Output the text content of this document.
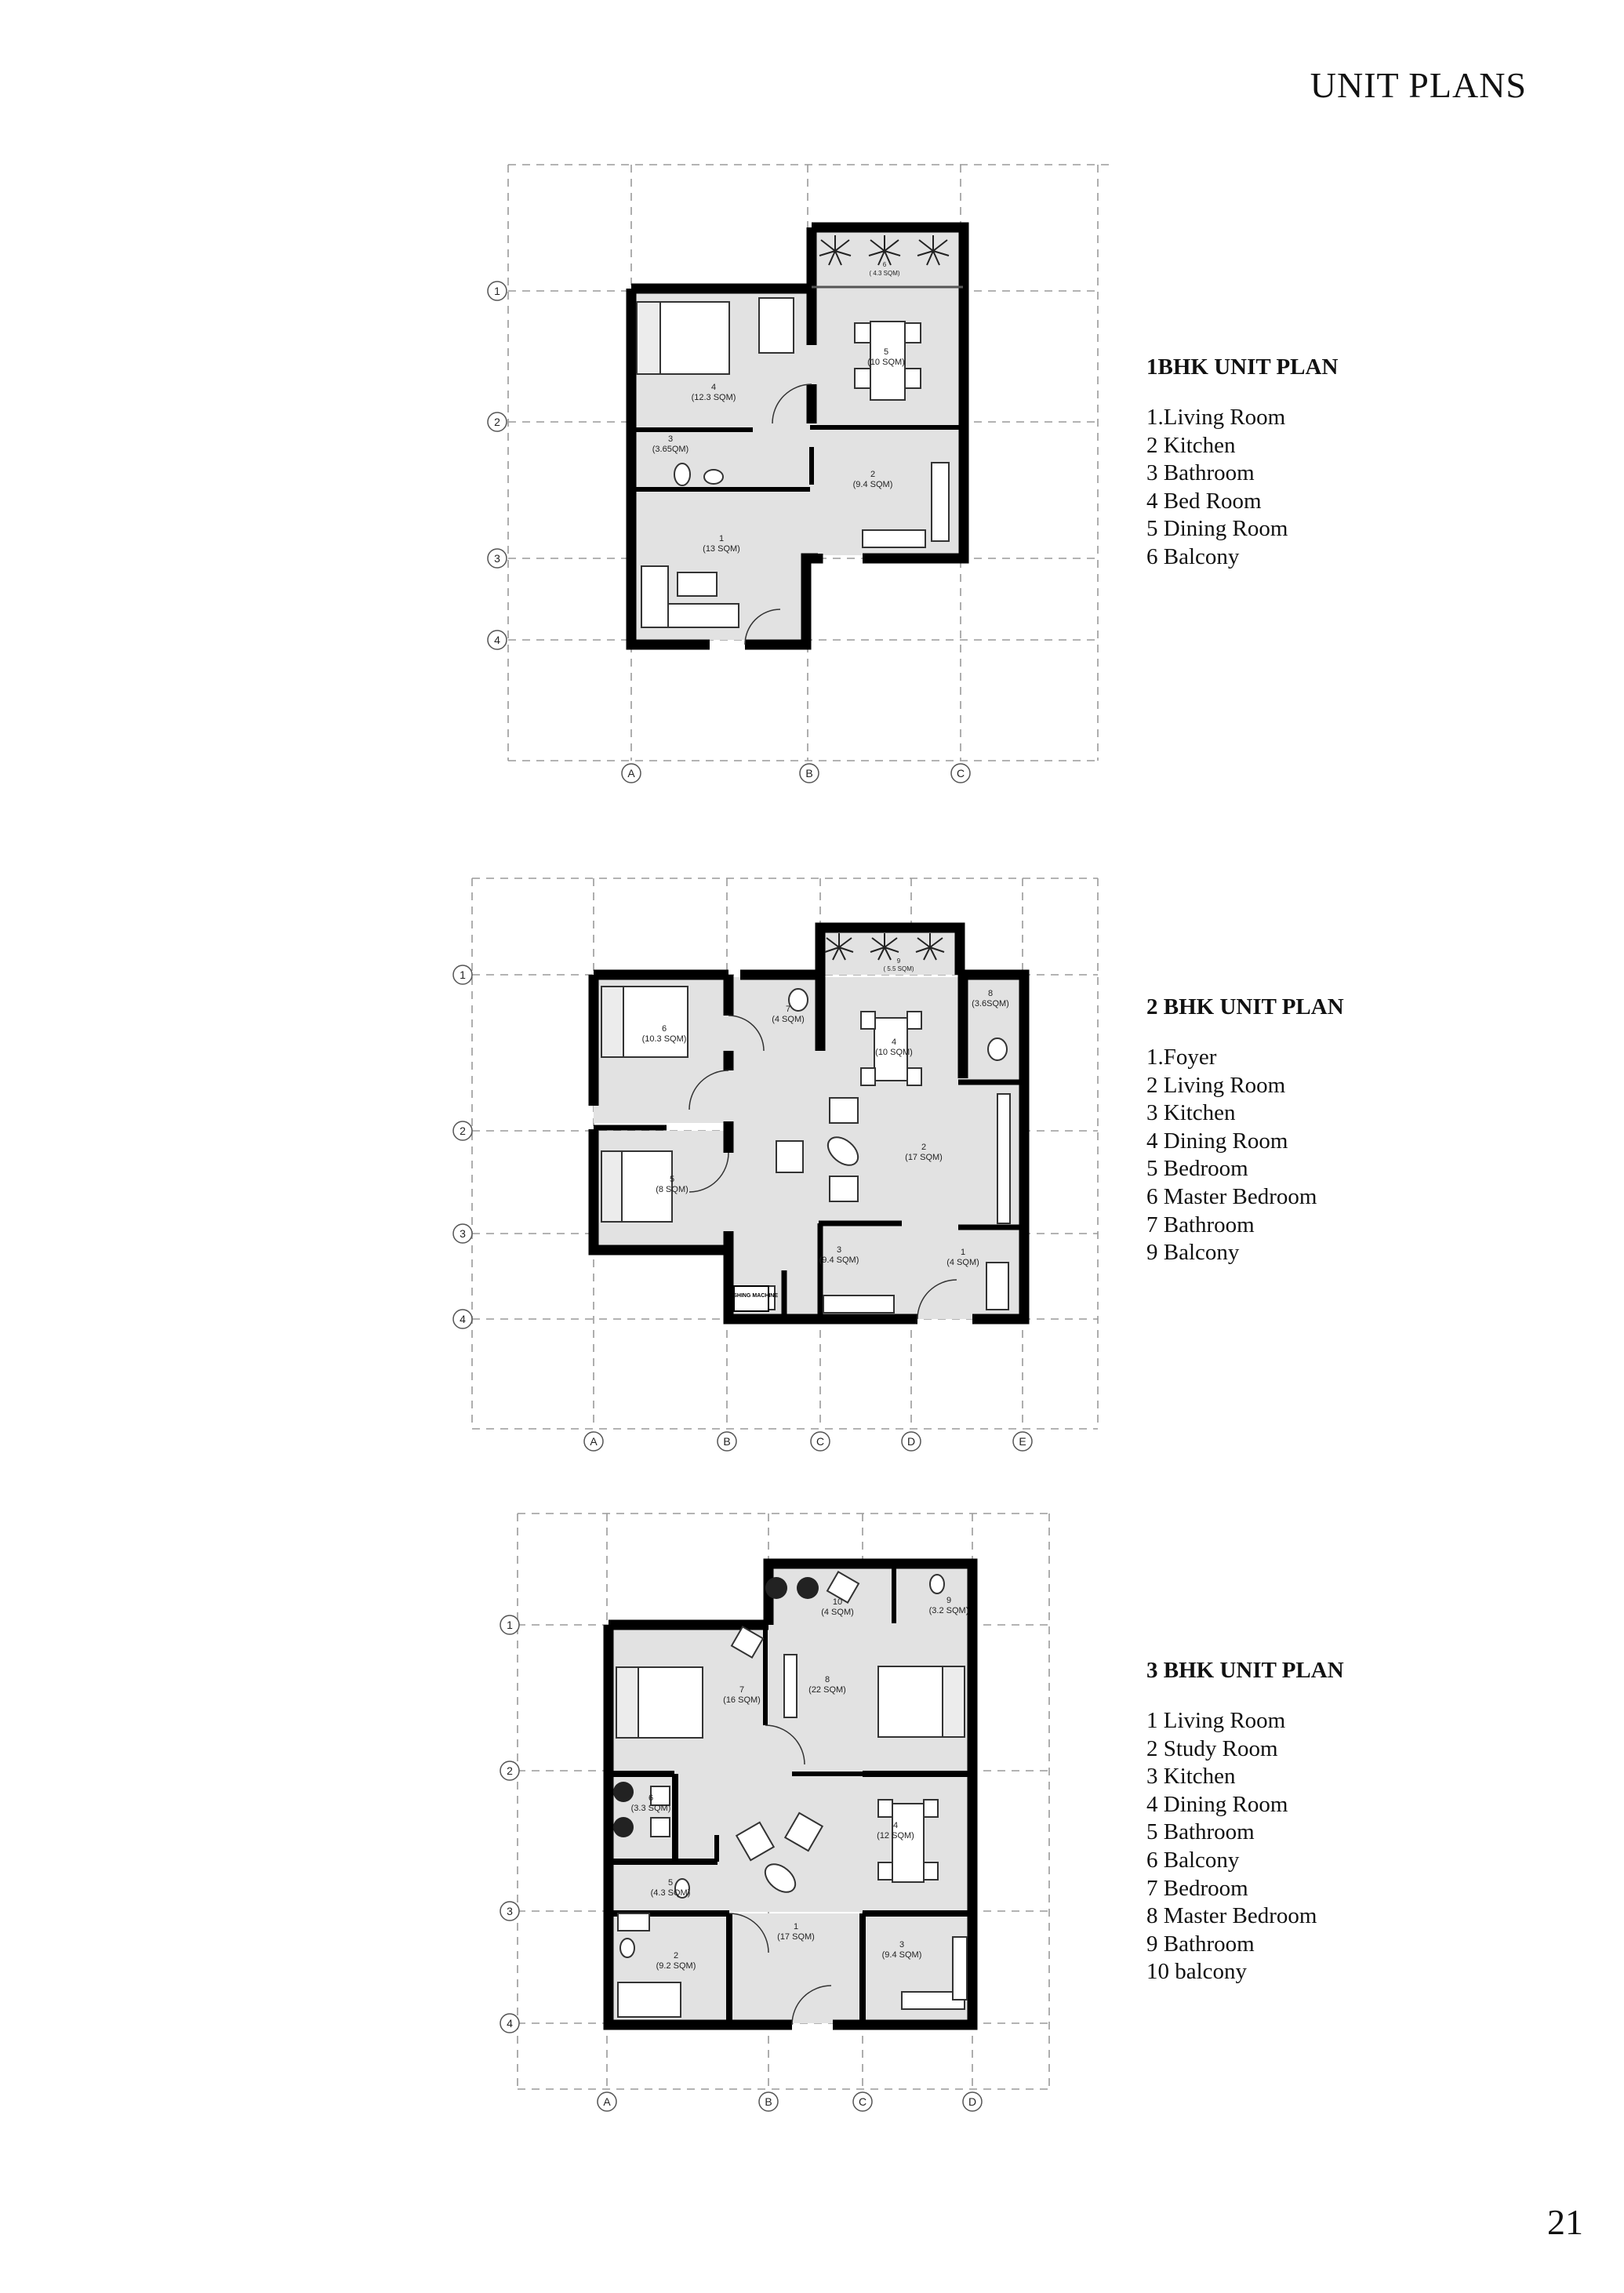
UNIT PLANS
1
(13 SQM)
2
(9.4 SQM)
3
(3.65QM)
4
(12.3 SQM)
5
(10 SQM)
6
( 4.3 SQM)
1
2
3
4
A	B	C
1BHK UNIT PLAN
1.Living Room
2 Kitchen
3 Bathroom
4 Bed Room
5 Dining Room
6 Balcony
WASHING MACHINE
1
(4 SQM)
2
(17 SQM)
3
(9.4 SQM)
4
(10 SQM)
5
(8 SQM)
6
(10.3 SQM)
7
(4 SQM)
8
(3.6SQM)
9
( 5.5 SQM)
1
2
3
4
A	B	C	D	E
2 BHK UNIT PLAN
1.Foyer
2 Living Room
3 Kitchen
4 Dining Room
5 Bedroom
6 Master Bedroom
7 Bathroom
9 Balcony
1
(17 SQM)
2
(9.2 SQM)
3
(9.4 SQM)
4
(12 SQM)
5
(4.3 SQM)
6
(3.3 SQM)
7
(16 SQM)
8
(22 SQM)
9
(3.2 SQM)
10
(4 SQM)
1
2
3
4
A	B	C	D
3 BHK UNIT PLAN
1 Living Room
2 Study Room
3 Kitchen
4 Dining Room
5 Bathroom
6 Balcony
7 Bedroom
8 Master Bedroom
9 Bathroom
10 balcony
21
